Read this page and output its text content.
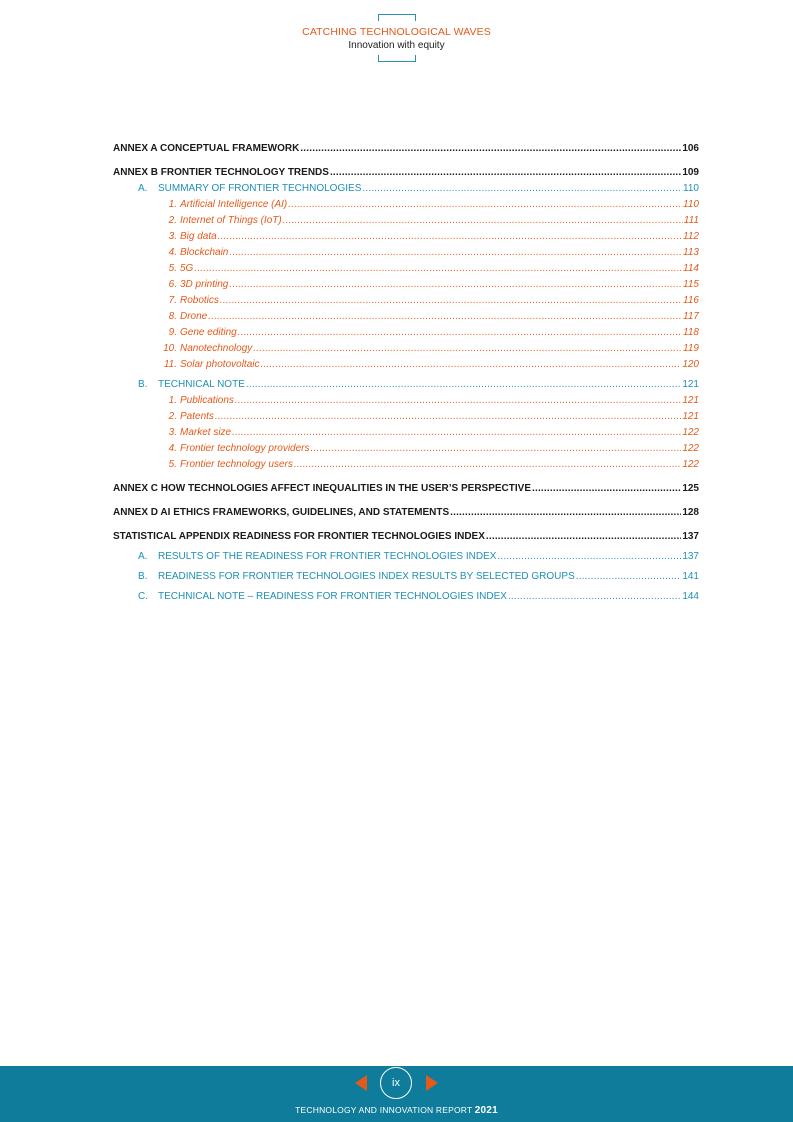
CATCHING TECHNOLOGICAL WAVES
Innovation with equity
ANNEX A CONCEPTUAL FRAMEWORK .....	106
ANNEX B FRONTIER TECHNOLOGY TRENDS .....	109
A. SUMMARY OF FRONTIER TECHNOLOGIES .....	110
1. Artificial Intelligence (AI) .....	110
2. Internet of Things (IoT) .....	111
3. Big data .....	112
4. Blockchain .....	113
5. 5G .....	114
6. 3D printing .....	115
7. Robotics .....	116
8. Drone .....	117
9. Gene editing .....	118
10. Nanotechnology .....	119
11. Solar photovoltaic .....	120
B. TECHNICAL NOTE .....	121
1. Publications .....	121
2. Patents .....	121
3. Market size .....	122
4. Frontier technology providers .....	122
5. Frontier technology users .....	122
ANNEX C HOW TECHNOLOGIES AFFECT INEQUALITIES IN THE USER’S PERSPECTIVE .....	125
ANNEX D AI ETHICS FRAMEWORKS, GUIDELINES, AND STATEMENTS .....	128
STATISTICAL APPENDIX READINESS FOR FRONTIER TECHNOLOGIES INDEX .....	137
A. RESULTS OF THE READINESS FOR FRONTIER TECHNOLOGIES INDEX .....	137
B. READINESS FOR FRONTIER TECHNOLOGIES INDEX RESULTS BY SELECTED GROUPS .....	141
C. TECHNICAL NOTE – READINESS FOR FRONTIER TECHNOLOGIES INDEX .....	144
ix
TECHNOLOGY AND INNOVATION REPORT 2021
